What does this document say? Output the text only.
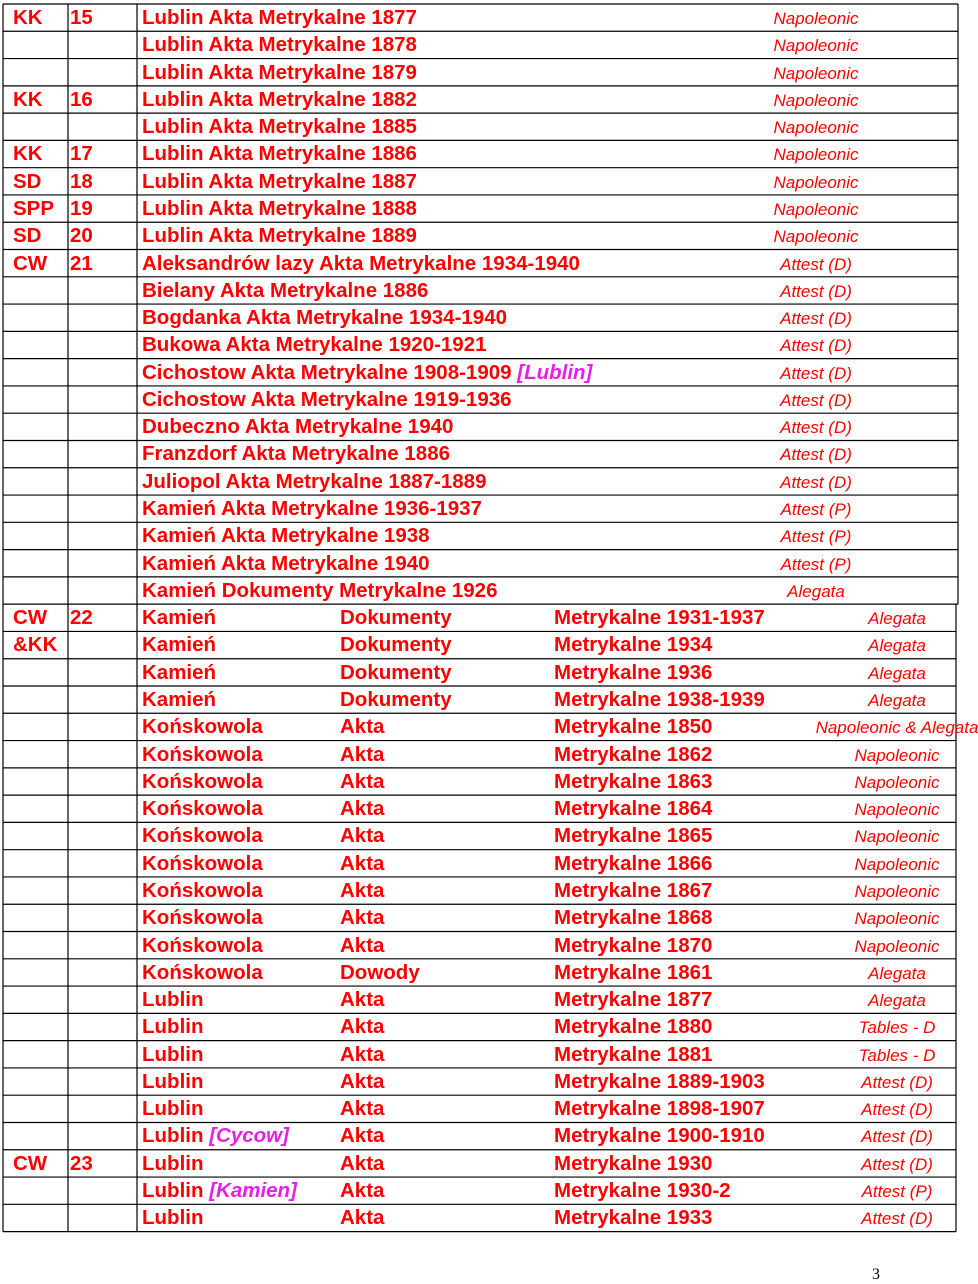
KK 15 Lublin Akta Metrykalne 1877	Napoleonic
Lublin Akta Metrykalne 1878	Napoleonic
Lublin Akta Metrykalne 1879	Napoleonic
KK 16 Lublin Akta Metrykalne 1882	Napoleonic
Lublin Akta Metrykalne 1885	Napoleonic
KK 17 Lublin Akta Metrykalne 1886	Napoleonic
SD 18 Lublin Akta Metrykalne 1887	Napoleonic
SPP 19 Lublin Akta Metrykalne 1888	Napoleonic
SD 20 Lublin Akta Metrykalne 1889	Napoleonic
CW 21 Aleksandrów lazy Akta Metrykalne 1934-1940	Attest (D)
Bielany Akta Metrykalne 1886	Attest (D)
Bogdanka Akta Metrykalne 1934-1940	Attest (D)
Bukowa Akta Metrykalne 1920-1921	Attest (D)
Cichostow Akta Metrykalne 1908-1909 [Lublin]	Attest (D)
Cichostow Akta Metrykalne 1919-1936	Attest (D)
Dubeczno Akta Metrykalne 1940	Attest (D)
Franzdorf Akta Metrykalne 1886	Attest (D)
Juliopol Akta Metrykalne 1887-1889	Attest (D)
Kamień Akta Metrykalne 1936-1937	Attest (P)
Kamień Akta Metrykalne 1938	Attest (P)
Kamień Akta Metrykalne 1940	Attest (P)
Kamień Dokumenty Metrykalne 1926	Alegata
CW 22 Kamień	Dokumenty	Metrykalne 1931-1937	Alegata
&KK	Kamień	Dokumenty	Metrykalne 1934	Alegata
Kamień	Dokumenty	Metrykalne 1936	Alegata
Kamień	Dokumenty	Metrykalne 1938-1939	Alegata
Końskowola	Akta	Metrykalne 1850	Napoleonic & Alegata
Końskowola	Akta	Metrykalne 1862	Napoleonic
Końskowola	Akta	Metrykalne 1863	Napoleonic
Końskowola	Akta	Metrykalne 1864	Napoleonic
Końskowola	Akta	Metrykalne 1865	Napoleonic
Końskowola	Akta	Metrykalne 1866	Napoleonic
Końskowola	Akta	Metrykalne 1867	Napoleonic
Końskowola	Akta	Metrykalne 1868	Napoleonic
Końskowola	Akta	Metrykalne 1870	Napoleonic
Końskowola	Dowody	Metrykalne 1861	Alegata
Lublin	Akta	Metrykalne 1877	Alegata
Lublin	Akta	Metrykalne 1880	Tables - D
Lublin	Akta	Metrykalne 1881	Tables - D
Lublin	Akta	Metrykalne 1889-1903	Attest (D)
Lublin	Akta	Metrykalne 1898-1907	Attest (D)
Lublin [Cycow] Akta	Metrykalne 1900-1910	Attest (D)
CW 23 Lublin	Akta	Metrykalne 1930	Attest (D)
Lublin [Kamien] Akta	Metrykalne 1930-2	Attest (P)
Lublin	Akta	Metrykalne 1933	Attest (D)
3
